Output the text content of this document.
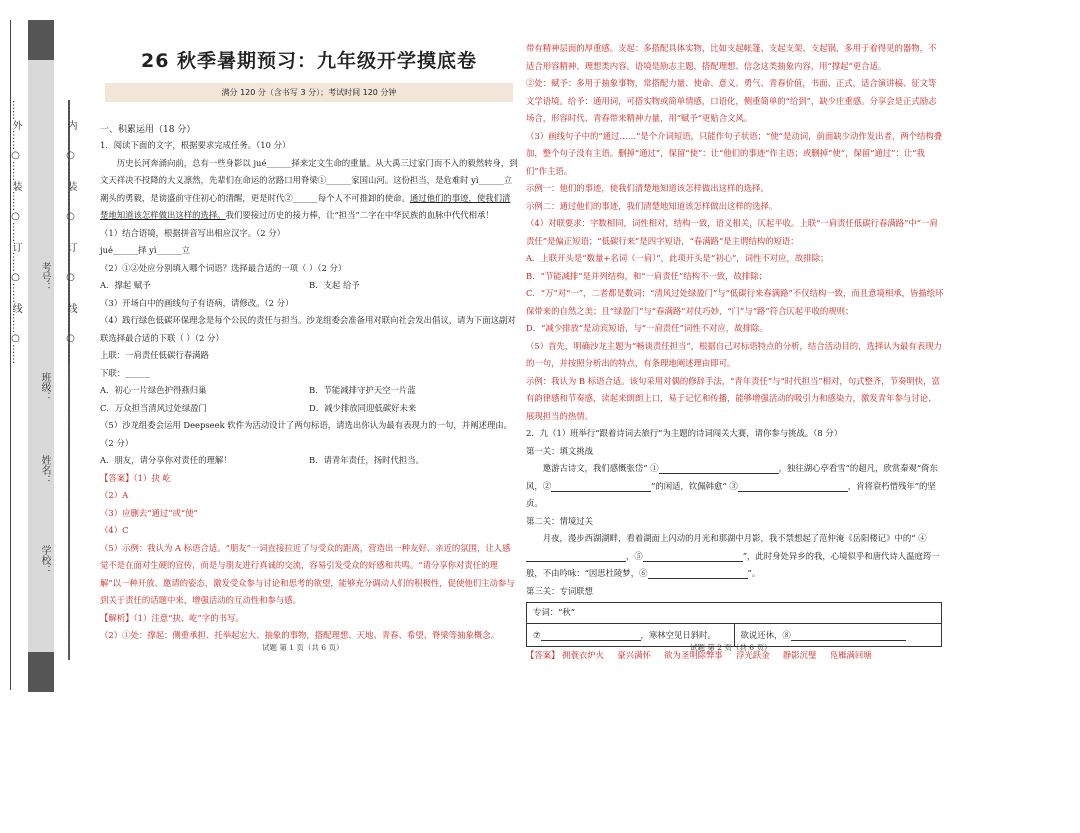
……外……○……装……○……订……○……线……○……	……内……○……装……○……订……○……线……○……
学校：
姓名：
班级：
考号：
26 秋季暑期预习：九年级开学摸底卷
满分 120 分（含书写 3 分）；考试时间 120 分钟

一、积累运用（18 分）

1．阅读下面的文字，根据要求完成任务。（10 分）

历史长河奔涌向前，总有一些身影以 jué______择来定文生命的重量。从大禹三过家门而不入的毅然转身，到文天祥决不投降的大义凛然，先辈们在命运的岔路口用脊梁①______家国山河。这份担当，是危难时 yì______立潮头的勇毅，是谤盛前守住初心的清醒，更是时代②______每个人不可推卸的使命。通过他们的事迹，使我们清楚地知道该怎样做出这样的选择。我们要接过历史的接力棒，让“担当”二字在中华民族的血脉中代代相承！

（1）结合语境，根据拼音写出相应汉字。（2 分）

jué______择 yì______立

（2）①②处应分别填入哪个词语？选择最合适的一项（ ）（2 分）

A．撑起 赋予	B．支起 给予

（3）开场白中的画线句子有语病，请修改。（2 分）

（4）践行绿色低碳环保理念是每个公民的责任与担当。沙龙组委会准备用对联向社会发出倡议，请为下面这副对联选择最合适的下联（ ）（2 分）

上联：一肩责任低碳行春满路

下联：______

A．初心一片绿色护得燕归巢	B．节能减排守护天空一片蓝
C．万众担当清风过处绿盈门	D．减少排放同迎低碳好未来

（5）沙龙组委会运用 Deepseek 软件为活动设计了两句标语，请选出你认为最有表现力的一句，并阐述理由。（2 分）

A．朋友，请分享你对责任的理解！	B．请青年责任，扬时代担当。

【答案】（1）抉 屹

（2）A

（3）应删去“通过”或“使”

（4）C

（5）示例：我认为 A 标语合适。“朋友”一词直接拉近了与受众的距离，营造出一种友好、亲近的氛围，让人感觉不是在面对生硬的宣传，而是与朋友进行真诚的交流，容易引发受众的好感和共鸣。“请分享你对责任的理解”以一种开放、邀请的姿态，激发受众参与讨论和思考的欲望，能够充分调动人们的积极性，促使他们主动参与到关于责任的话题中来，增强活动的互动性和参与感。

【解析】（1）注意“抉、屹”字的书写。

（2）①处：撑起：侧重承担、托举起宏大、抽象的事物，搭配理想、天地、青春、希望、脊梁等抽象概念。

试题 第 1 页（共 6 页）

带有精神层面的厚重感。支起：多搭配具体实物，比如支起帐篷、支起支架、支起锅，多用于着得见的器物，不适合形容精神、理想类内容。语境是励志主题，搭配理想、信念这类抽象内容，用“撑起”更合适。

②处：赋予：多用于抽象事物，常搭配力量、使命、意义、勇气、青春价值，书面、正式，适合演讲稿、征文等文学语境。给予：通用词，可搭实物或简单情感，口语化，侧重简单的“给到”，缺少庄重感。分享会是正式励志场合，形容时代、青春带来精神力量，用“赋予”更贴合文风。

（3）画线句子中的“通过……”是个介词短语，只能作句子状语；“使”是动词，前面缺少动作发出者，两个结构叠加，整个句子没有主语。删掉“通过”，保留“使”：让“他们的事迹”作主语；或删掉“使”，保留“通过”：让“我们”作主语。

示例一：他们的事迹，使我们清楚地知道该怎样做出这样的选择。

示例二：通过他们的事迹，我们清楚地知道该怎样做出这样的选择。

（4）对联要求：字数相同，词性相对，结构一致，语义相关，仄起平收。上联“一肩责任低碳行春满路”中“一肩责任”是偏正短语；“低碳行来”是四字短语，“春满路”是主谓结构的短语：

A．上联开头是“数量+名词（一肩）”，此项开头是“初心”，词性不对应，故排除；

B．“节能减排”是并列结构，和“一肩责任”结构不一致，故排除；

C．“万”对“一”，二者都是数词；“清风过处绿盈门”与“低碳行来春满路”不仅结构一致，而且意境相承，皆描绘环保带来的自然之美；且“绿盈门”与“春满路”对仗巧妙，“门”与“路”符合仄起平收的规则；

D．“减少排放”是动宾短语，与“一肩责任”词性不对应，故排除。

（5）首先，明确沙龙主题为“畅谈责任担当”，根据自己对标语特点的分析，结合活动目的，选择认为最有表现力的一句，并按照分析出的特点，有条理地阐述理由即可。

示例：我认为 B 标语合适。该句采用对偶的修辞手法，“青年责任”与“时代担当”相对，句式整齐，节奏明快，富有韵律感和节奏感，读起来朗朗上口，易于记忆和传播，能够增强活动的吸引力和感染力，激发青年参与讨论、展现担当的热情。

2．九（1）班举行“跟着诗词去旅行”为主题的诗词闯关大赛，请你参与挑战。（8 分）

第一关：填文挑战

邀游古诗文，我们感慨张岱“ ①	，独往湖心亭看雪”的超凡，欣赏秦观“倚东风，②	”的闲适，钦佩韩愈“ ③	，肯将衰朽惜残年”的坚贞。

第二关：情境过关

月夜，漫步西湖湖畔，看着湖面上闪动的月光和那湖中月影，我不禁想起了范仲淹《岳阳楼记》中的“ ④，⑤	”，此时身处异乡的我，心境似乎和唐代诗人温庭筠一般，不由吟咏：“因思杜陵梦，⑥	”。

第三关：专词联想

专词：“秋”
⑦	，寒林空见日斜时。	欲说还休，⑧

【答案】 拥蓑衣炉火 豪兴满怀 欲为圣明除弊事 浮光跃金 静影沉璧 凫雁满回塘

试题 第 2 页（共 6 页）
